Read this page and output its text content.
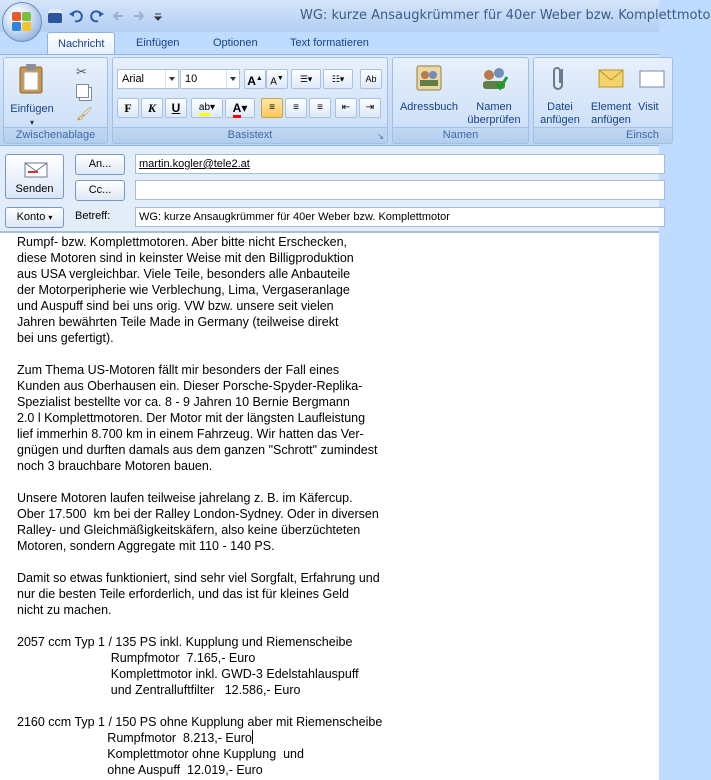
WG: kurze Ansaugkrümmer für 40er Weber bzw. Komplettmoto
Nachricht	Einfügen	Optionen	Text formatieren
Einfügen
▾
✂
🖌
Zwischenablage
Arial	10	A▲ A▼	☰▾	☷▾	Ab
F	K	U	ab▾	A▾	≡	≡	≡	⇤	⇥
Basistext	↘
Adressbuch	Namen
überprüfen
Namen
Datei
anfügen
Element
anfügen
Visit
Einsch
Senden
An...	martin.kogler@tele2.at
Cc...
Konto ▾	Betreff:	WG: kurze Ansaugkrümmer für 40er Weber bzw. Komplettmotor
Rumpf- bzw. Komplettmotoren. Aber bitte nicht Erschecken,
diese Motoren sind in keinster Weise mit den Billigproduktion
aus USA vergleichbar. Viele Teile, besonders alle Anbauteile
der Motorperipherie wie Verblechung, Lima, Vergaseranlage
und Auspuff sind bei uns orig. VW bzw. unsere seit vielen
Jahren bewährten Teile Made in Germany (teilweise direkt
bei uns gefertigt).

Zum Thema US-Motoren fällt mir besonders der Fall eines
Kunden aus Oberhausen ein. Dieser Porsche-Spyder-Replika-
Spezialist bestellte vor ca. 8 - 9 Jahren 10 Bernie Bergmann
2.0 l Komplettmotoren. Der Motor mit der längsten Laufleistung
lief immerhin 8.700 km in einem Fahrzeug. Wir hatten das Ver-
gnügen und durften damals aus dem ganzen "Schrott" zumindest
noch 3 brauchbare Motoren bauen.

Unsere Motoren laufen teilweise jahrelang z. B. im Käfercup.
Ober 17.500  km bei der Ralley London-Sydney. Oder in diversen
Ralley- und Gleichmäßigkeitskäfern, also keine überzüchteten
Motoren, sondern Aggregate mit 110 - 140 PS.

Damit so etwas funktioniert, sind sehr viel Sorgfalt, Erfahrung und
nur die besten Teile erforderlich, und das ist für kleines Geld
nicht zu machen.

2057 ccm Typ 1 / 135 PS inkl. Kupplung und Riemenscheibe
Rumpfmotor  7.165,- Euro
Komplettmotor inkl. GWD-3 Edelstahlauspuff
und Zentralluftfilter   12.586,- Euro

2160 ccm Typ 1 / 150 PS ohne Kupplung aber mit Riemenscheibe
Rumpfmotor  8.213,- Euro
Komplettmotor ohne Kupplung  und
ohne Auspuff  12.019,- Euro
